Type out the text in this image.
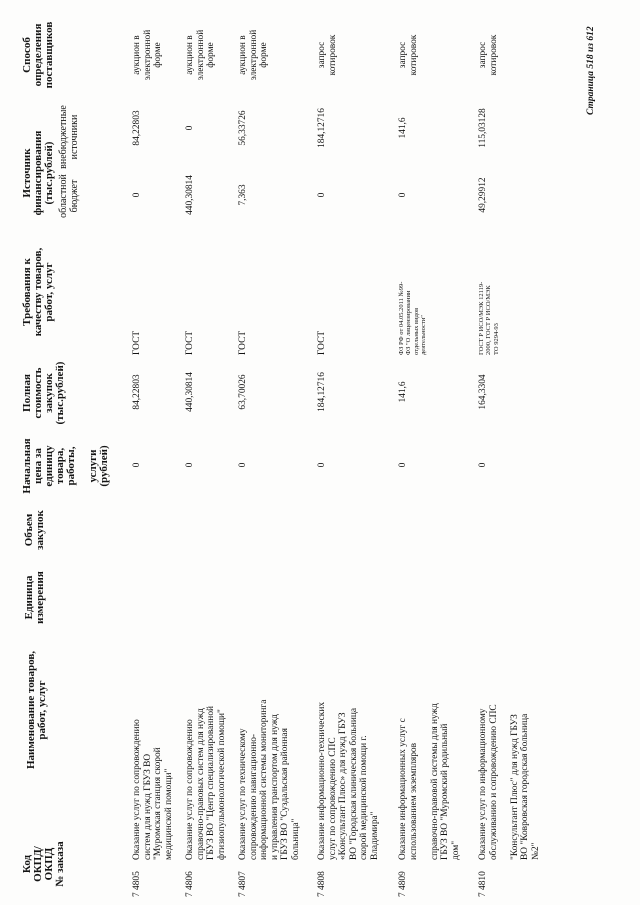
Код ОКПД/ ОКПД № заказа
Наименование товаров, работ, услуг
Единица измерения
Объем закупок
Начальная цена за единицу товара, работы, услуги (рублей)
Полная стоимость закупок (тыс.рублей)
Требования к качеству товаров, работ, услуг
Источник финансирования (тыс.рублей) областной бюджет
внебюджетные источники
Способ определения поставщиков
7 4805
Оказание услуг по сопровождению систем для нужд ГБУЗ ВО "Муромская станция скорой медицинской помощи"
0
84,22803
ГОСТ
0
84,22803
аукцион в электронной форме
7 4806
Оказание услуг по сопровождению справочно-правовых систем для нужд ГБУЗ ВО "Центр специализированной фтизиопульмонологической помощи"
0
440,30814
ГОСТ
440,30814
0
аукцион в электронной форме
7 4807
Оказание услуг по техническому сопровождению навигационно- информационной системы мониторинга и управления транспортом для нужд ГБУЗ ВО "Суздальская районная больница"
0
63,70026
ГОСТ
7,363
56,33726
аукцион в электронной форме
7 4808
Оказание информационно-технических услуг по сопровождению СПС «Консультант Плюс» для нужд ГБУЗ ВО "Городская клиническая больница скорой медицинской помощи г. Владимира"
0
184,12716
ГОСТ
0
184,12716
запрос котировок
7 4809
Оказание информационных услуг с использованием экземпляров справочно-правовой системы для нужд ГБУЗ ВО "Муромский родильный дом"
0
141,6
ФЗ РФ от 04.05.2011 №99- ФЗ "О лицензировании отдельных видов деятельности"
0
141,6
запрос котировок
7 4810
Оказание услуг по информационному обслуживанию и сопровождению СПС "Консультант Плюс" для нужд ГБУЗ ВО "Ковровская городская больница №2"
0
164,3304
ГОСТ Р ИСО/МЭК 12119- 2000, ГОСТ Р ИСО/МЭК ТО 9294-93
49,29912
115,03128
запрос котировок	Страница 518 из 612
